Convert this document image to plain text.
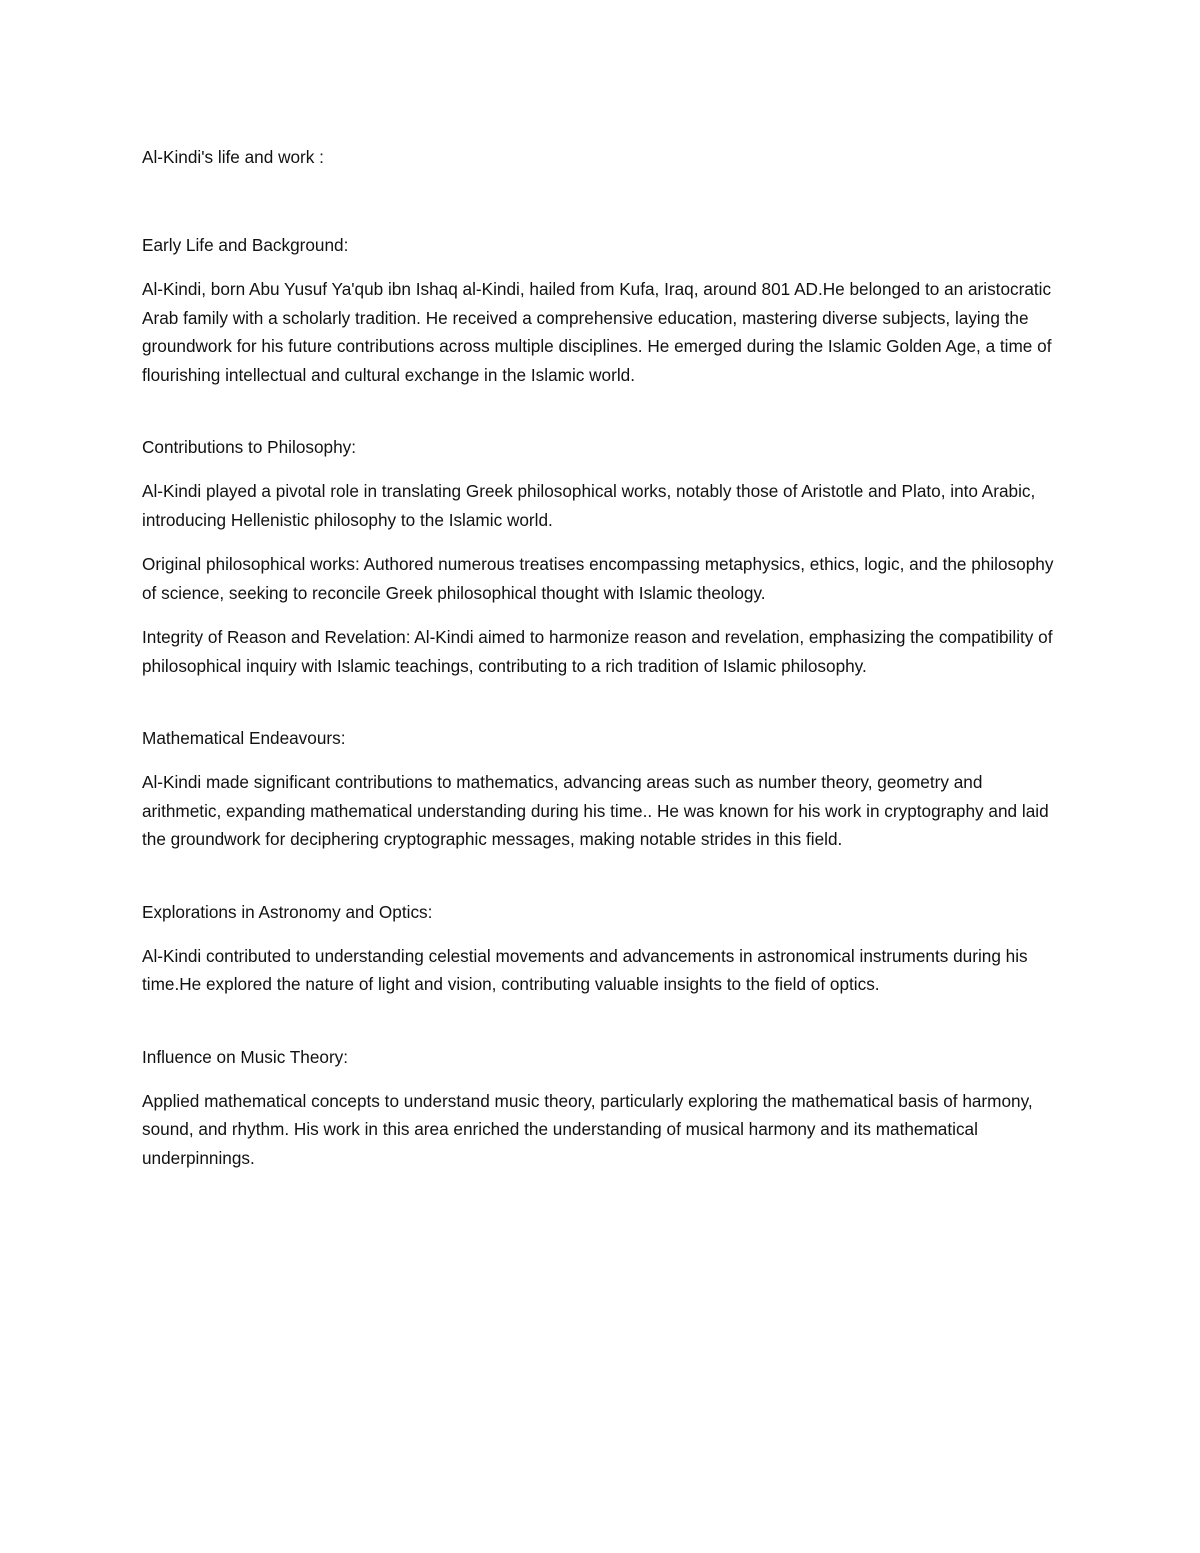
Al-Kindi's life and work :

Early Life and Background:

Al-Kindi, born Abu Yusuf Ya'qub ibn Ishaq al-Kindi, hailed from Kufa, Iraq, around 801 AD.He belonged to an aristocratic Arab family with a scholarly tradition. He received a comprehensive education, mastering diverse subjects, laying the groundwork for his future contributions across multiple disciplines. He emerged during the Islamic Golden Age, a time of flourishing intellectual and cultural exchange in the Islamic world.

Contributions to Philosophy:

Al-Kindi played a pivotal role in translating Greek philosophical works, notably those of Aristotle and Plato, into Arabic, introducing Hellenistic philosophy to the Islamic world.

Original philosophical works: Authored numerous treatises encompassing metaphysics, ethics, logic, and the philosophy of science, seeking to reconcile Greek philosophical thought with Islamic theology.

Integrity of Reason and Revelation: Al-Kindi aimed to harmonize reason and revelation, emphasizing the compatibility of philosophical inquiry with Islamic teachings, contributing to a rich tradition of Islamic philosophy.

Mathematical Endeavours:

Al-Kindi made significant contributions to mathematics, advancing areas such as number theory, geometry and arithmetic, expanding mathematical understanding during his time.. He was known for his work in cryptography and laid the groundwork for deciphering cryptographic messages, making notable strides in this field.

Explorations in Astronomy and Optics:

Al-Kindi contributed to understanding celestial movements and advancements in astronomical instruments during his time.He explored the nature of light and vision, contributing valuable insights to the field of optics.

Influence on Music Theory:

Applied mathematical concepts to understand music theory, particularly exploring the mathematical basis of harmony, sound, and rhythm. His work in this area enriched the understanding of musical harmony and its mathematical underpinnings.
